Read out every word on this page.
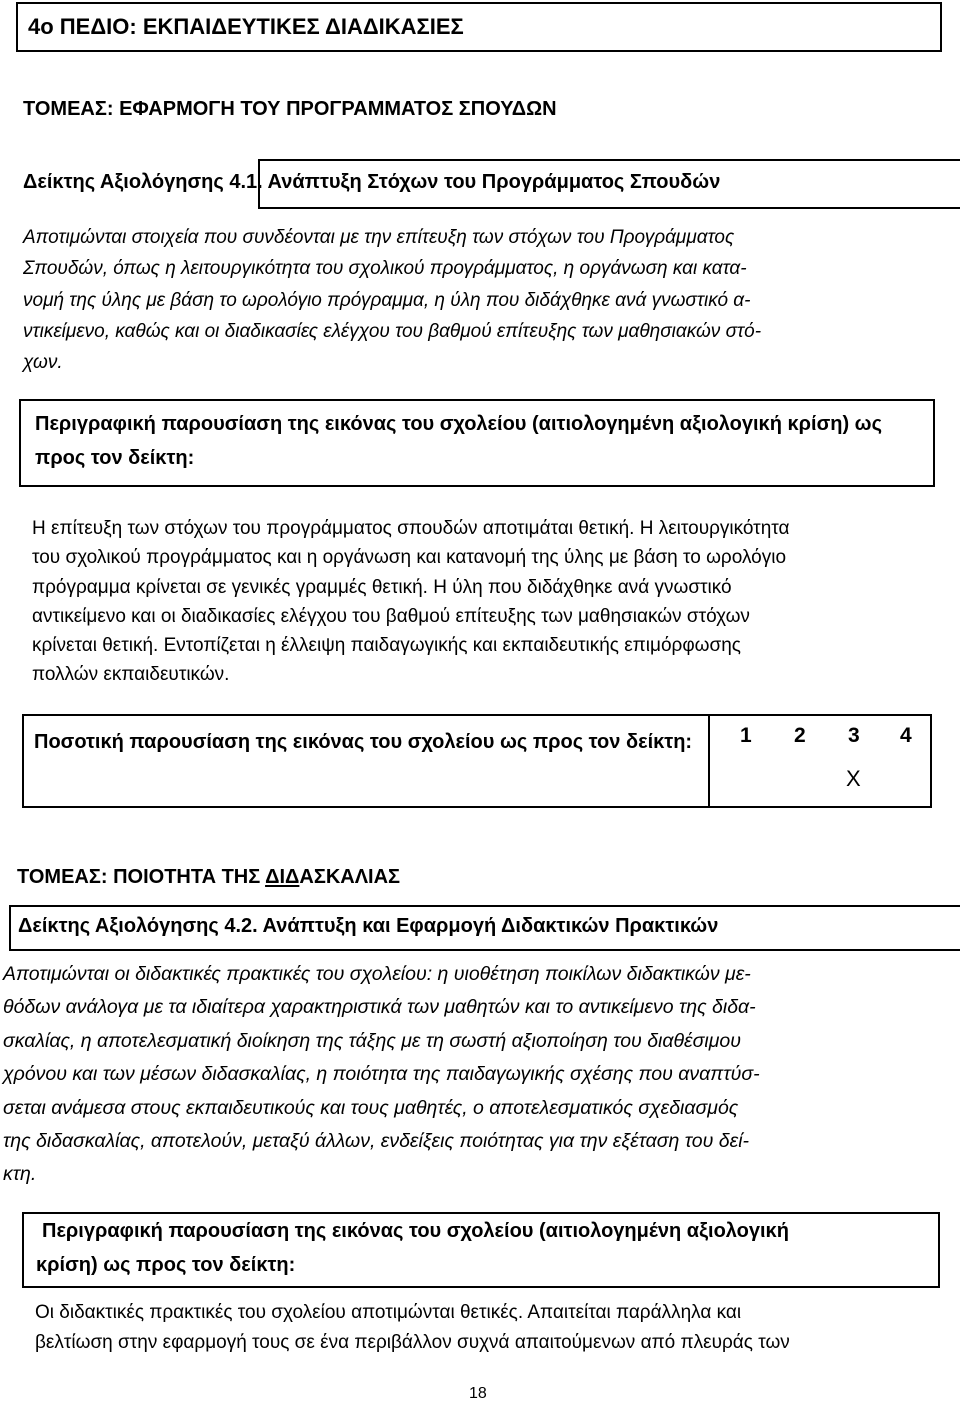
4ο ΠΕΔΙΟ: ΕΚΠΑΙΔΕΥΤΙΚΕΣ ΔΙΑΔΙΚΑΣΙΕΣ
ΤΟΜΕΑΣ: ΕΦΑΡΜΟΓΗ ΤΟΥ ΠΡΟΓΡΑΜΜΑΤΟΣ ΣΠΟΥΔΩΝ
Δείκτης Αξιολόγησης 4.1. Ανάπτυξη Στόχων του Προγράμματος Σπουδών
Αποτιμώνται στοιχεία που συνδέονται με την επίτευξη των στόχων του Προγράμματος
Σπουδών, όπως η λειτουργικότητα του σχολικού προγράμματος, η οργάνωση και κατα-
νομή της ύλης με βάση το ωρολόγιο πρόγραμμα, η ύλη που διδάχθηκε ανά γνωστικό α-
ντικείμενο, καθώς και οι διαδικασίες ελέγχου του βαθμού επίτευξης των μαθησιακών στό-
χων.
Περιγραφική παρουσίαση της εικόνας του σχολείου (αιτιολογημένη αξιολογική κρίση) ως προς τον δείκτη:
Η επίτευξη των στόχων του προγράμματος σπουδών αποτιμάται θετική. Η λειτουργικότητα
του σχολικού προγράμματος και η οργάνωση και κατανομή της ύλης με βάση το ωρολόγιο
πρόγραμμα κρίνεται σε γενικές γραμμές θετική. Η ύλη που διδάχθηκε ανά γνωστικό
αντικείμενο και οι διαδικασίες ελέγχου του βαθμού επίτευξης των μαθησιακών στόχων
κρίνεται θετική. Εντοπίζεται η έλλειψη παιδαγωγικής και εκπαιδευτικής επιμόρφωσης
πολλών εκπαιδευτικών.
Ποσοτική παρουσίαση της εικόνας του σχολείου ως προς τον δείκτη:	1 2 3 4
Χ
ΤΟΜΕΑΣ: ΠΟΙΟΤΗΤΑ ΤΗΣ ΔΙΔΑΣΚΑΛΙΑΣ
Δείκτης Αξιολόγησης 4.2. Ανάπτυξη και Εφαρμογή Διδακτικών Πρακτικών
Αποτιμώνται οι διδακτικές πρακτικές του σχολείου: η υιοθέτηση ποικίλων διδακτικών με-
θόδων ανάλογα με τα ιδιαίτερα χαρακτηριστικά των μαθητών και το αντικείμενο της διδα-
σκαλίας, η αποτελεσματική διοίκηση της τάξης με τη σωστή αξιοποίηση του διαθέσιμου
χρόνου και των μέσων διδασκαλίας, η ποιότητα της παιδαγωγικής σχέσης που αναπτύσ-
σεται ανάμεσα στους εκπαιδευτικούς και τους μαθητές, ο αποτελεσματικός σχεδιασμός
της διδασκαλίας, αποτελούν, μεταξύ άλλων, ενδείξεις ποιότητας για την εξέταση του δεί-
κτη.
Περιγραφική παρουσίαση της εικόνας του σχολείου (αιτιολογημένη αξιολογική
κρίση) ως προς τον δείκτη:
Οι διδακτικές πρακτικές του σχολείου αποτιμώνται θετικές. Απαιτείται παράλληλα και
βελτίωση στην εφαρμογή τους σε ένα περιβάλλον συχνά απαιτούμενων από πλευράς των
18
